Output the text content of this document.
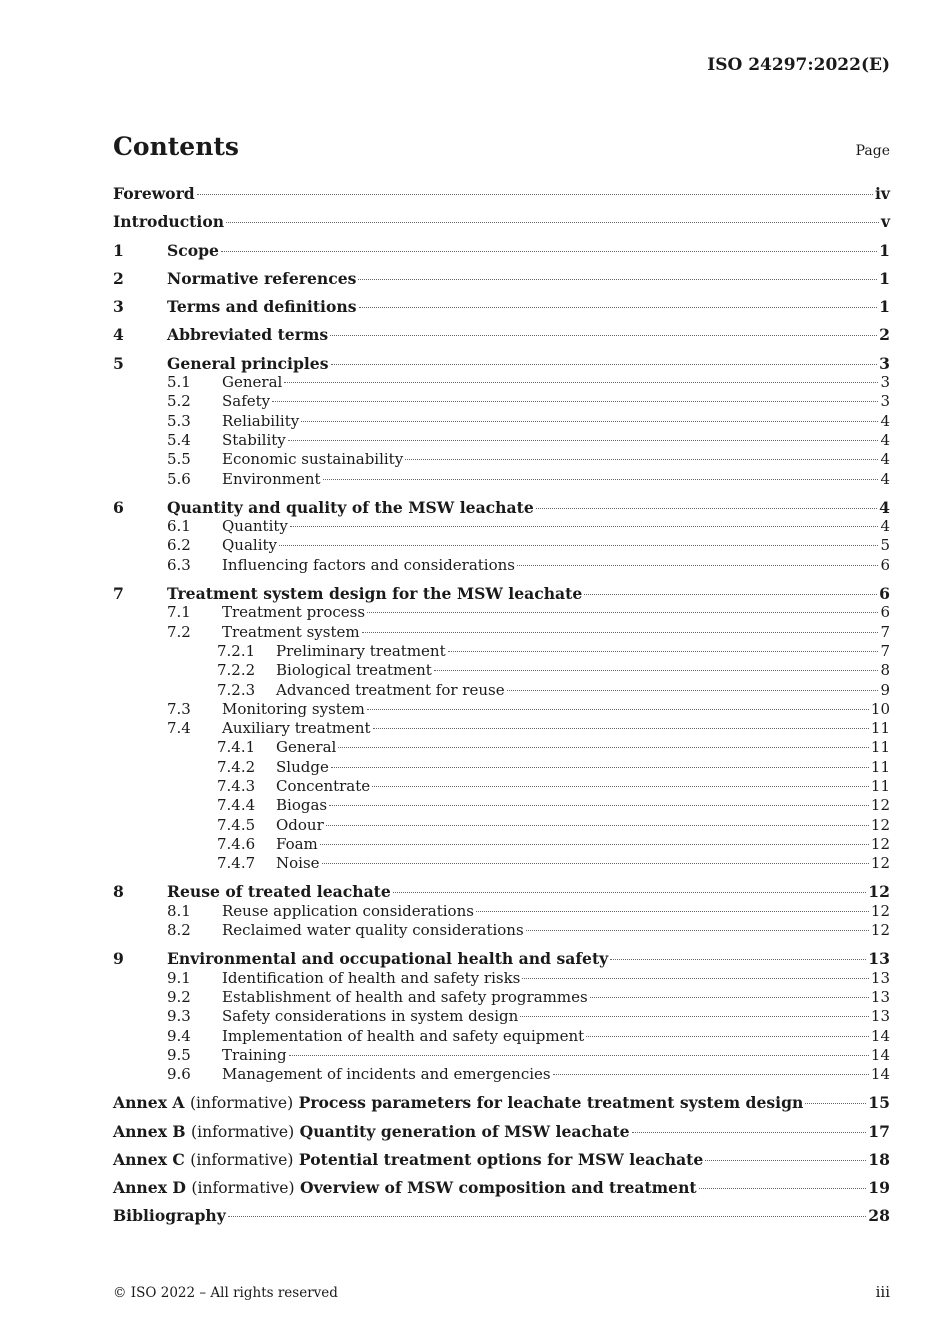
ISO 24297:2022(E)
Contents	Page
Foreword	iv
Introduction	v
1	Scope	1
2	Normative references	1
3	Terms and definitions	1
4	Abbreviated terms	2
5	General principles	3
5.1	General	3
5.2	Safety	3
5.3	Reliability	4
5.4	Stability	4
5.5	Economic sustainability	4
5.6	Environment	4
6	Quantity and quality of the MSW leachate	4
6.1	Quantity	4
6.2	Quality	5
6.3	Influencing factors and considerations	6
7	Treatment system design for the MSW leachate	6
7.1	Treatment process	6
7.2	Treatment system	7
7.2.1	Preliminary treatment	7
7.2.2	Biological treatment	8
7.2.3	Advanced treatment for reuse	9
7.3	Monitoring system	10
7.4	Auxiliary treatment	11
7.4.1	General	11
7.4.2	Sludge	11
7.4.3	Concentrate	11
7.4.4	Biogas	12
7.4.5	Odour	12
7.4.6	Foam	12
7.4.7	Noise	12
8	Reuse of treated leachate	12
8.1	Reuse application considerations	12
8.2	Reclaimed water quality considerations	12
9	Environmental and occupational health and safety	13
9.1	Identification of health and safety risks	13
9.2	Establishment of health and safety programmes	13
9.3	Safety considerations in system design	13
9.4	Implementation of health and safety equipment	14
9.5	Training	14
9.6	Management of incidents and emergencies	14
Annex A (informative) Process parameters for leachate treatment system design	15
Annex B (informative) Quantity generation of MSW leachate	17
Annex C (informative) Potential treatment options for MSW leachate	18
Annex D (informative) Overview of MSW composition and treatment	19
Bibliography	28
© ISO 2022 – All rights reserved	iii
